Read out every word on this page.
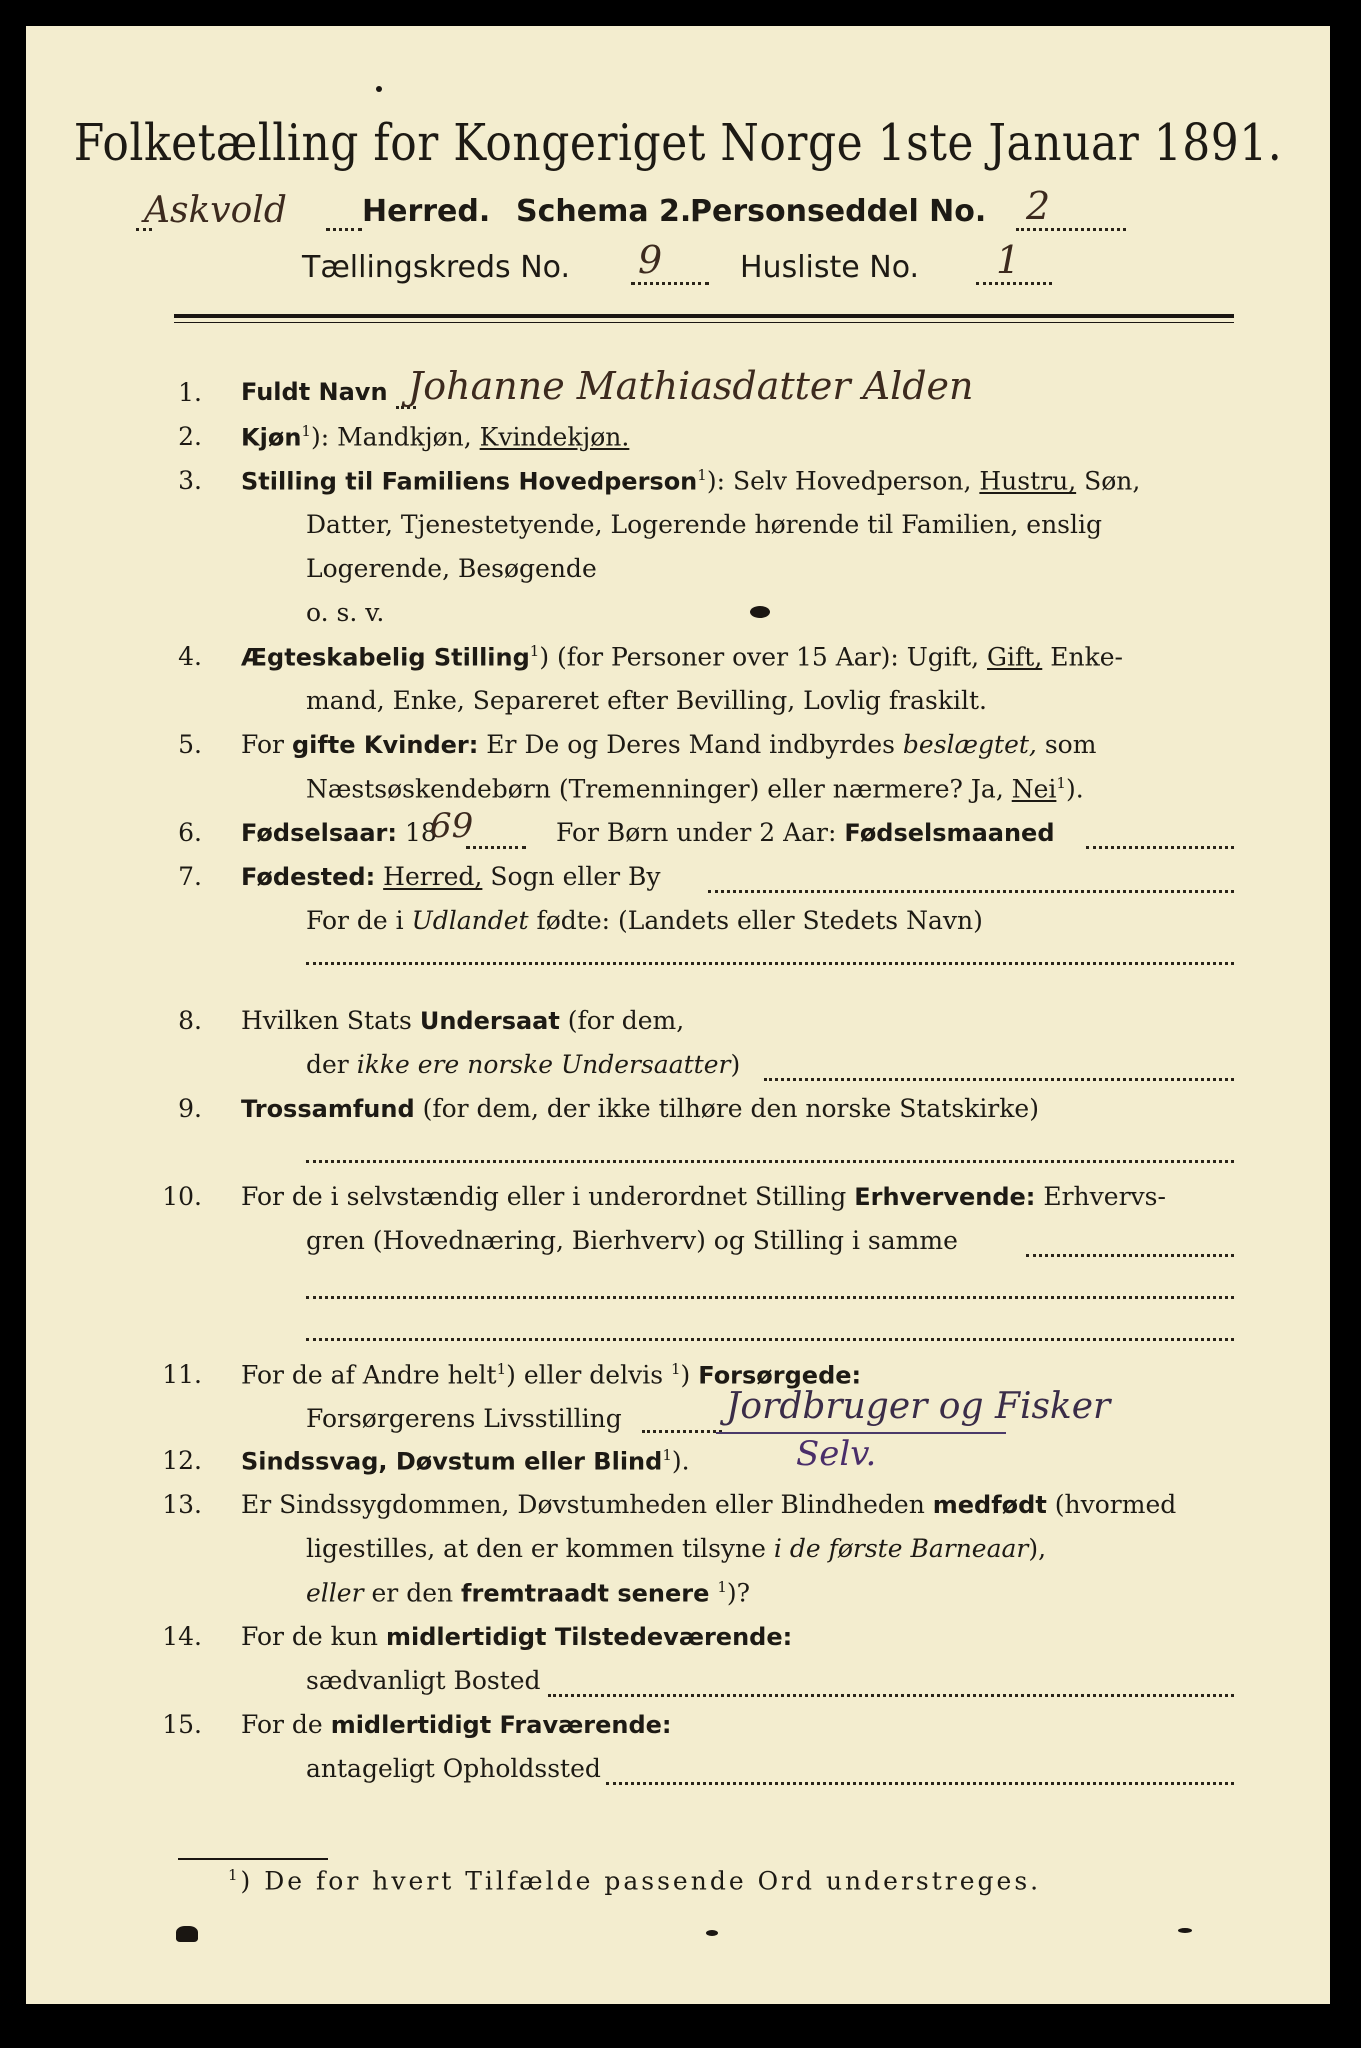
Folketælling for Kongeriget Norge 1ste Januar 1891.
Askvold	Herred. Schema 2.
Personseddel No. 2
Tællingskreds No. 9	Husliste No. 1
1. Fuldt Navn Johanne Mathiasdatter Alden
2. Kjøn$^1$): Mandkjøn, Kvindekjøn.
3. Stilling til Familiens Hovedperson$^1$): Selv Hovedperson, Hustru, Søn,
Datter, Tjenestetyende, Logerende hørende til Familien, enslig
Logerende, Besøgende
o. s. v.
4. Ægteskabelig Stilling$^1$) (for Personer over 15 Aar): Ugift, Gift, Enke-
mand, Enke, Separeret efter Bevilling, Lovlig fraskilt.
5. For gifte Kvinder: Er De og Deres Mand indbyrdes beslægtet, som
Næstsøskendebørn (Tremenninger) eller nærmere? Ja, Nei$^1$).
6. Fødselsaar: 18
69	For Børn under 2 Aar: Fødselsmaaned
7. Fødested: Herred, Sogn eller By
For de i Udlandet fødte: (Landets eller Stedets Navn)
8. Hvilken Stats Undersaat (for dem,
der ikke ere norske Undersaatter)
9. Trossamfund (for dem, der ikke tilhøre den norske Statskirke)
10. For de i selvstændig eller i underordnet Stilling Erhvervende: Erhvervs-
gren (Hovednæring, Bierhverv) og Stilling i samme
11. For de af Andre helt$^1$) eller delvis $^1$) Forsørgede:
Forsørgerens Livsstilling	Jordbruger og Fisker
12. Sindssvag, Døvstum eller Blind$^1$).	Selv.
13. Er Sindssygdommen, Døvstumheden eller Blindheden medfødt (hvormed
ligestilles, at den er kommen tilsyne i de første Barneaar),
eller er den fremtraadt senere $^1$)?
14. For de kun midlertidigt Tilstedeværende:
sædvanligt Bosted
15. For de midlertidigt Fraværende:
antageligt Opholdssted
$^1$) De for hvert Tilfælde passende Ord understreges.
